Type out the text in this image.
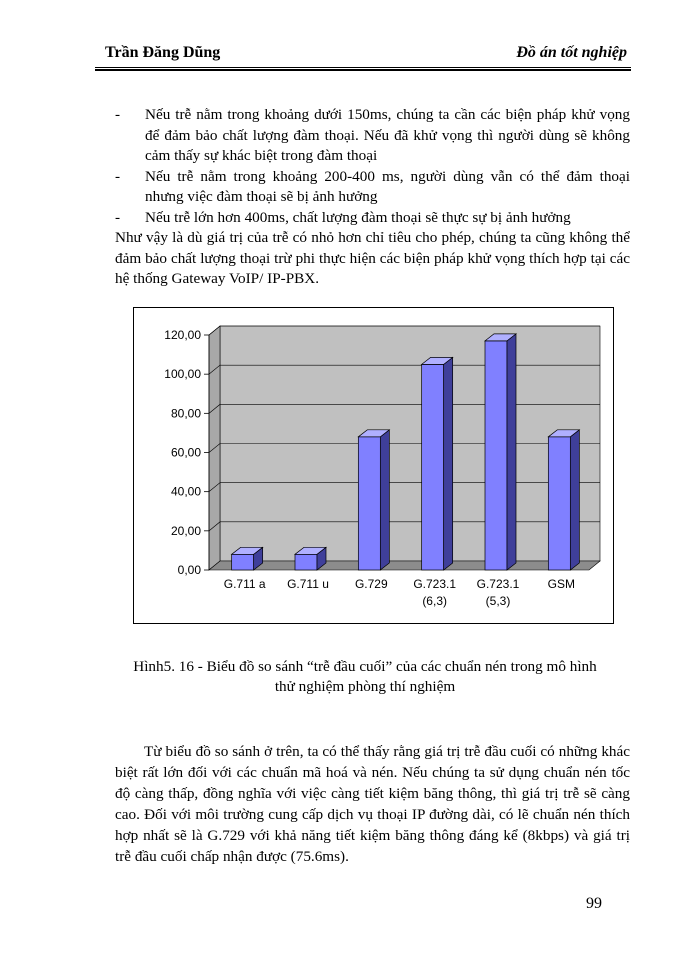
Trần Đăng Dũng	Đồ án tốt nghiệp
-	Nếu trễ nằm trong khoảng dưới 150ms, chúng ta cần các biện pháp khử vọng để đảm bảo chất lượng đàm thoại. Nếu đã khử vọng thì người dùng sẽ không cảm thấy sự khác biệt trong đàm thoại
-	Nếu trễ nằm trong khoảng 200-400 ms, người dùng vẫn có thể đảm thoại nhưng việc đàm thoại sẽ bị ảnh hưởng
-	Nếu trễ lớn hơn 400ms, chất lượng đàm thoại sẽ thực sự bị ảnh hưởng

Như vậy là dù giá trị của trễ có nhỏ hơn chỉ tiêu cho phép, chúng ta cũng không thể đảm bảo chất lượng thoại trừ phi thực hiện các biện pháp khử vọng thích hợp tại các hệ thống Gateway VoIP/ IP-PBX.

0,00
20,00
40,00
60,00
80,00
100,00
120,00
G.711 a G.711 u G.729 G.723.1
(6,3)
G.723.1
(5,3)
GSM
Hình5. 16 - Biểu đồ so sánh “trễ đầu cuối” của các chuẩn nén trong mô hình
thử nghiệm phòng thí nghiệm

Từ biểu đồ so sánh ở trên, ta có thể thấy rằng giá trị trễ đầu cuối có những khác biệt rất lớn đối với các chuẩn mã hoá và nén. Nếu chúng ta sử dụng chuẩn nén tốc độ càng thấp, đồng nghĩa với việc càng tiết kiệm băng thông, thì giá trị trễ sẽ càng cao. Đối với môi trường cung cấp dịch vụ thoại IP đường dài, có lẽ chuẩn nén thích hợp nhất sẽ là G.729 với khả năng tiết kiệm băng thông đáng kể (8kbps) và giá trị trễ đầu cuối chấp nhận được (75.6ms).

99
